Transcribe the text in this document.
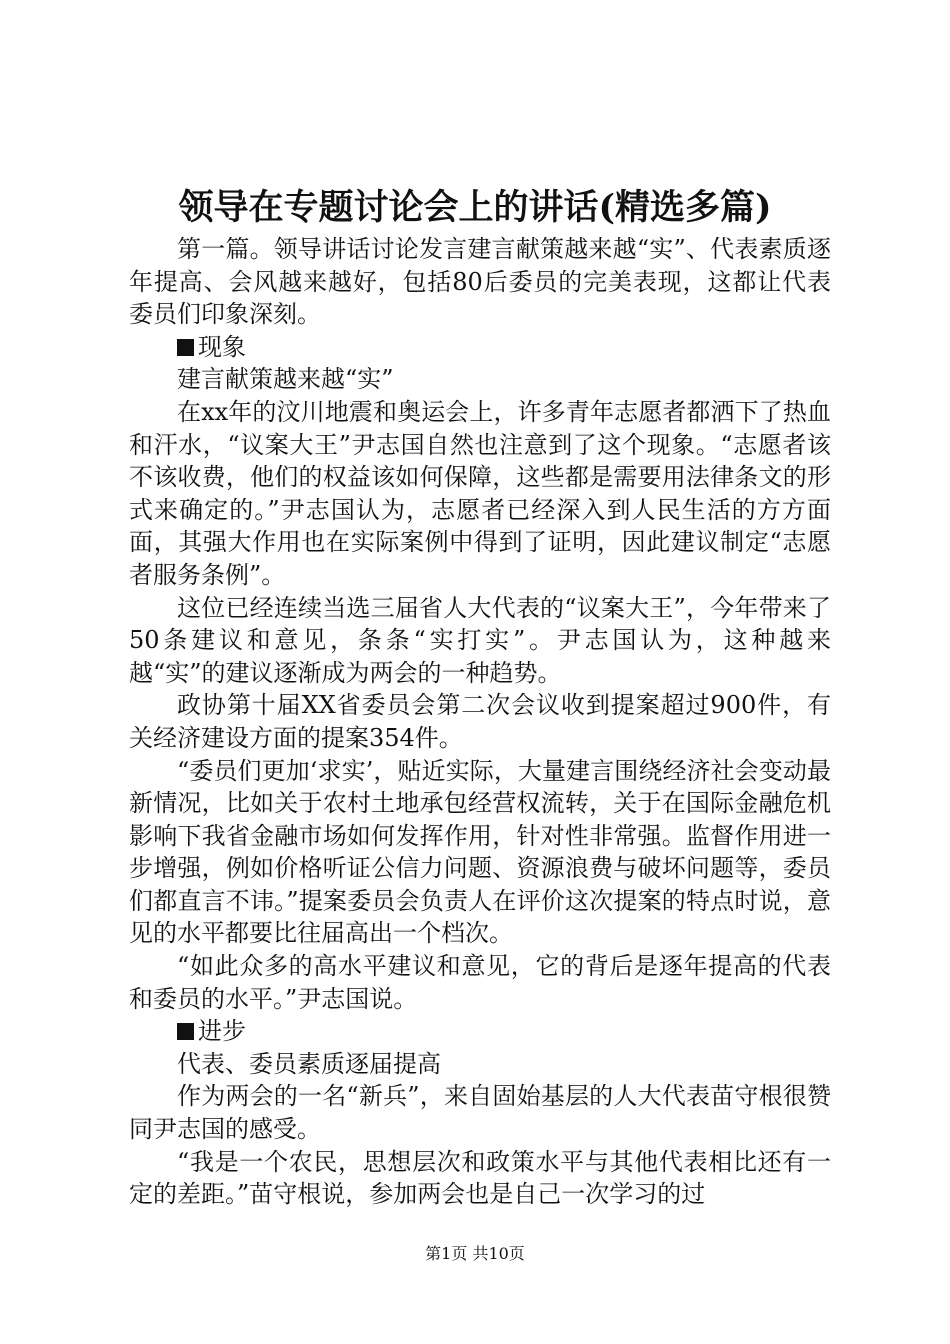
领导在专题讨论会上的讲话(精选多篇)

第一篇。领导讲话讨论发言建言献策越来越“实”、代表素质逐年提高、会风越来越好，包括80后委员的完美表现，这都让代表委员们印象深刻。

现象

建言献策越来越“实”

在xx年的汶川地震和奥运会上，许多青年志愿者都洒下了热血和汗水，“议案大王”尹志国自然也注意到了这个现象。“志愿者该不该收费，他们的权益该如何保障，这些都是需要用法律条文的形式来确定的。”尹志国认为，志愿者已经深入到人民生活的方方面面，其强大作用也在实际案例中得到了证明，因此建议制定“志愿者服务条例”。

这位已经连续当选三届省人大代表的“议案大王”，今年带来了50条建议和意见，条条“实打实”。尹志国认为，这种越来越“实”的建议逐渐成为两会的一种趋势。

政协第十届XX省委员会第二次会议收到提案超过900件，有关经济建设方面的提案354件。

“委员们更加‘求实’，贴近实际，大量建言围绕经济社会变动最新情况，比如关于农村土地承包经营权流转，关于在国际金融危机影响下我省金融市场如何发挥作用，针对性非常强。监督作用进一步增强，例如价格听证公信力问题、资源浪费与破坏问题等，委员们都直言不讳。”提案委员会负责人在评价这次提案的特点时说，意见的水平都要比往届高出一个档次。

“如此众多的高水平建议和意见，它的背后是逐年提高的代表和委员的水平。”尹志国说。

进步

代表、委员素质逐届提高

作为两会的一名“新兵”，来自固始基层的人大代表苗守根很赞同尹志国的感受。

“我是一个农民，思想层次和政策水平与其他代表相比还有一定的差距。”苗守根说，参加两会也是自己一次学习的过

第1页 共10页
